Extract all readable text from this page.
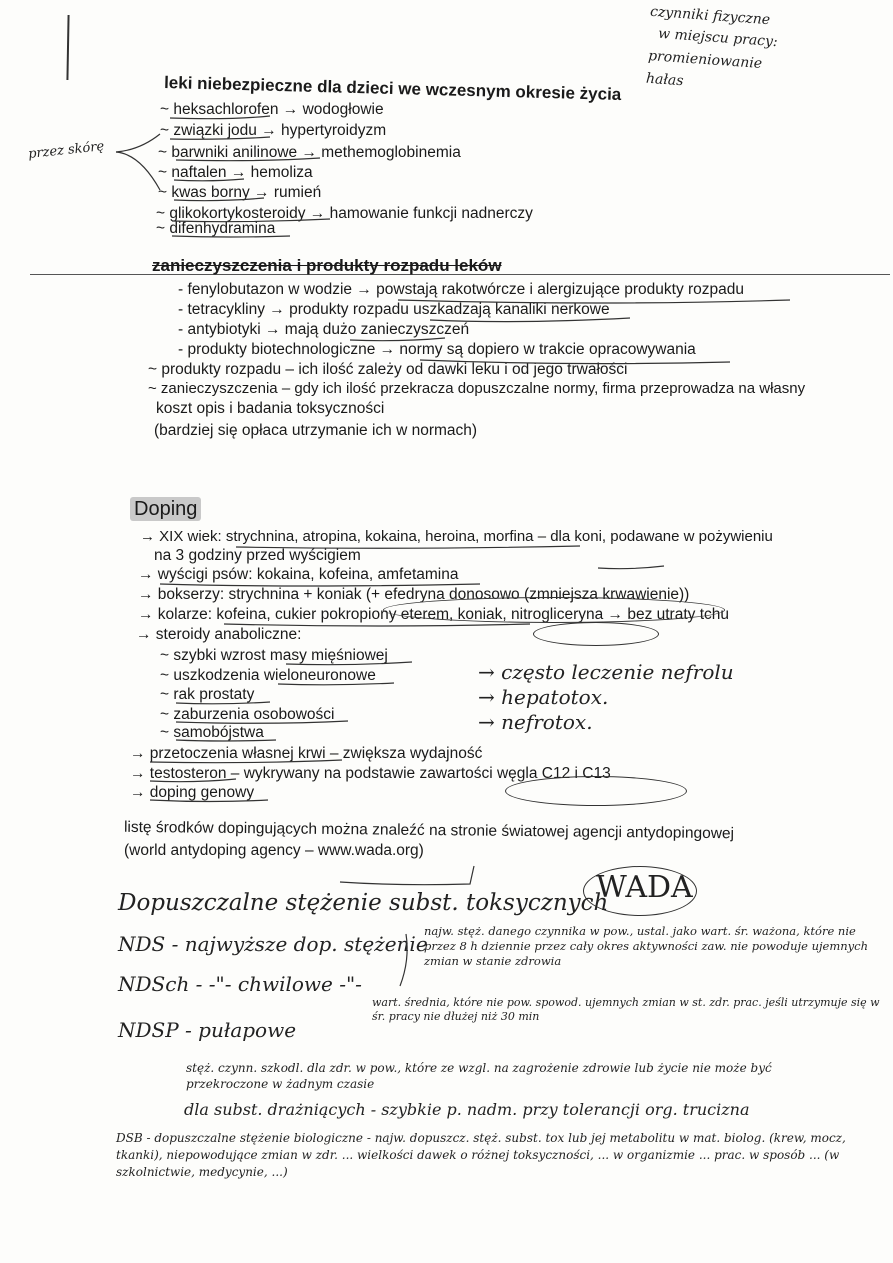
czynniki fizyczne
w miejscu pracy:
promieniowanie
hałas
leki niebezpieczne dla dzieci we wczesnym okresie życia
~ heksachlorofen → wodogłowie
~ związki jodu → hypertyroidyzm
~ barwniki anilinowe → methemoglobinemia
~ naftalen → hemoliza
~ kwas borny → rumień
~ glikokortykosteroidy → hamowanie funkcji nadnerczy
~ difenhydramina
przez skórę
zanieczyszczenia i produkty rozpadu leków
- fenylobutazon w wodzie → powstają rakotwórcze i alergizujące produkty rozpadu
- tetracykliny → produkty rozpadu uszkadzają kanaliki nerkowe
- antybiotyki → mają dużo zanieczyszczeń
- produkty biotechnologiczne → normy są dopiero w trakcie opracowywania
~ produkty rozpadu – ich ilość zależy od dawki leku i od jego trwałości
~ zanieczyszczenia – gdy ich ilość przekracza dopuszczalne normy, firma przeprowadza na własny
koszt opis i badania toksyczności
(bardziej się opłaca utrzymanie ich w normach)
Doping
→ XIX wiek: strychnina, atropina, kokaina, heroina, morfina – dla koni, podawane w pożywieniu
na 3 godziny przed wyścigiem
→ wyścigi psów: kokaina, kofeina, amfetamina
→ bokserzy: strychnina + koniak (+ efedryna donosowo (zmniejsza krwawienie))
→ kolarze: kofeina, cukier pokropiony eterem, koniak, nitrogliceryna → bez utraty tchu
→ steroidy anaboliczne:
~ szybki wzrost masy mięśniowej
~ uszkodzenia wieloneuronowe
~ rak prostaty
~ zaburzenia osobowości
~ samobójstwa
→ przetoczenia własnej krwi – zwiększa wydajność
→ testosteron – wykrywany na podstawie zawartości węgla C12 i C13
→ doping genowy
→ często leczenie nefrolu
→ hepatotox.
→ nefrotox.
listę środków dopingujących można znaleźć na stronie światowej agencji antydopingowej
(world antydoping agency – www.wada.org)
WADA
Dopuszczalne stężenie subst. toksycznych
NDS - najwyższe dop. stężenie
najw. stęż. danego czynnika w pow., ustal. jako wart. śr. ważona, które nie przez 8 h dziennie przez cały okres aktywności zaw. nie powoduje ujemnych zmian w stanie zdrowia
NDSch - -"- chwilowe -"-
wart. średnia, które nie pow. spowod. ujemnych zmian w st. zdr. prac. jeśli utrzymuje się w śr. pracy nie dłużej niż 30 min
NDSP - pułapowe
stęż. czynn. szkodl. dla zdr. w pow., które ze wzgl. na zagrożenie zdrowie lub życie nie może być przekroczone w żadnym czasie
dla subst. drażniących - szybkie p. nadm. przy tolerancji org. trucizna
DSB - dopuszczalne stężenie biologiczne - najw. dopuszcz. stęż. subst. tox lub jej metabolitu w mat. biolog. (krew, mocz, tkanki), niepowodujące zmian w zdr. ... wielkości dawek o różnej toksyczności, ... w organizmie ... prac. w sposób ... (w szkolnictwie, medycynie, ...)
